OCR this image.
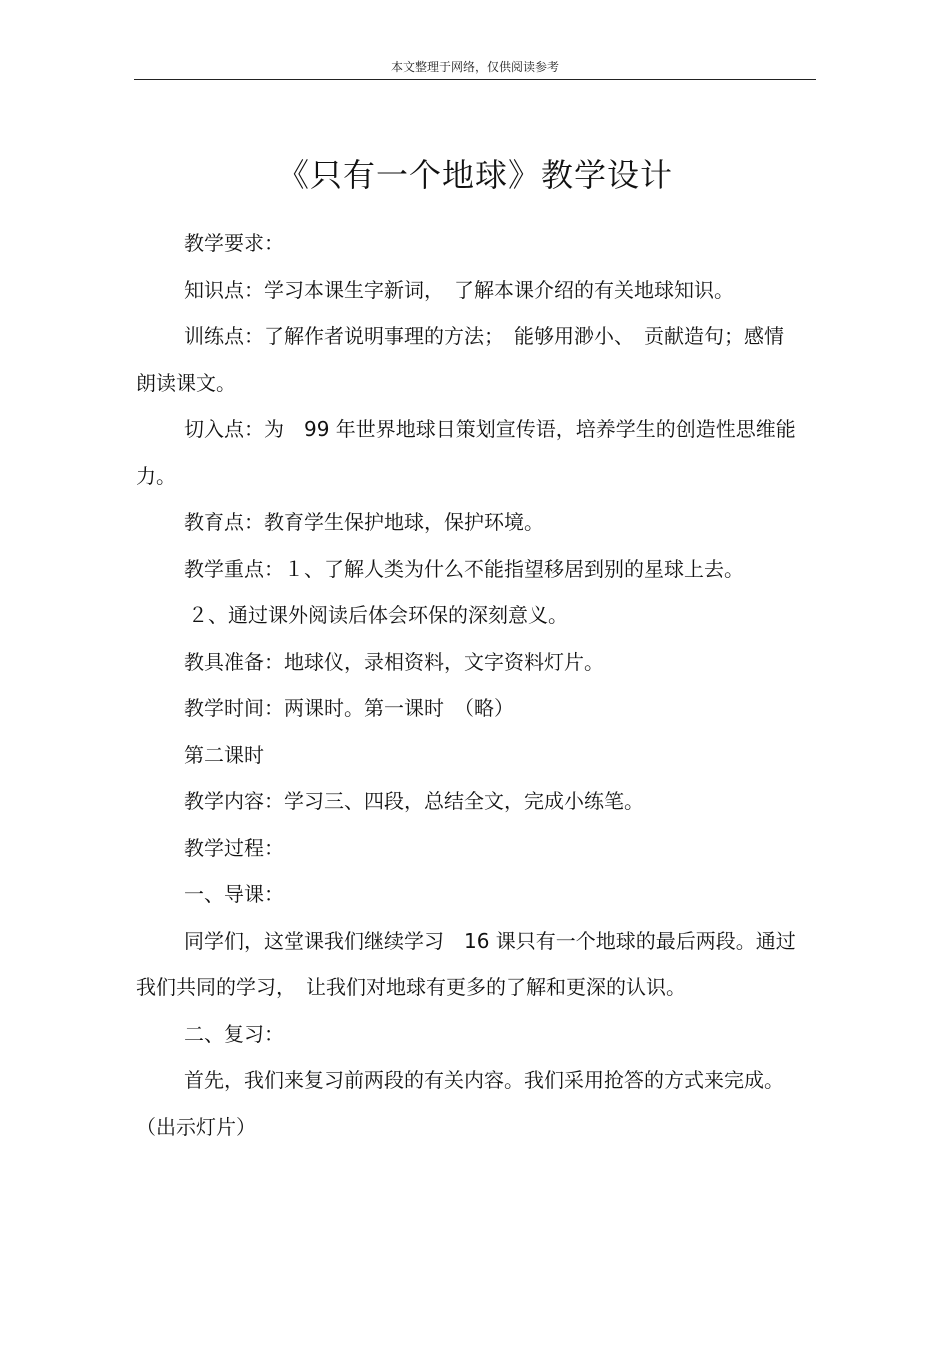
本文整理于网络，仅供阅读参考
《只有一个地球》教学设计

教学要求：

知识点：学习本课生字新词，　了解本课介绍的有关地球知识。

训练点：了解作者说明事理的方法；　能够用渺小、　贡献造句；感情朗读课文。

切入点：为　99 年世界地球日策划宣传语，培养学生的创造性思维能力。

教育点：教育学生保护地球，保护环境。

教学重点：１、了解人类为什么不能指望移居到别的星球上去。

２、通过课外阅读后体会环保的深刻意义。

教具准备：地球仪，录相资料，文字资料灯片。

教学时间：两课时。第一课时　（略）

第二课时

教学内容：学习三、四段，总结全文，完成小练笔。

教学过程：

一、导课：

同学们，这堂课我们继续学习　16 课只有一个地球的最后两段。通过我们共同的学习，　让我们对地球有更多的了解和更深的认识。

二、复习：

首先，我们来复习前两段的有关内容。我们采用抢答的方式来完成。（出示灯片）
